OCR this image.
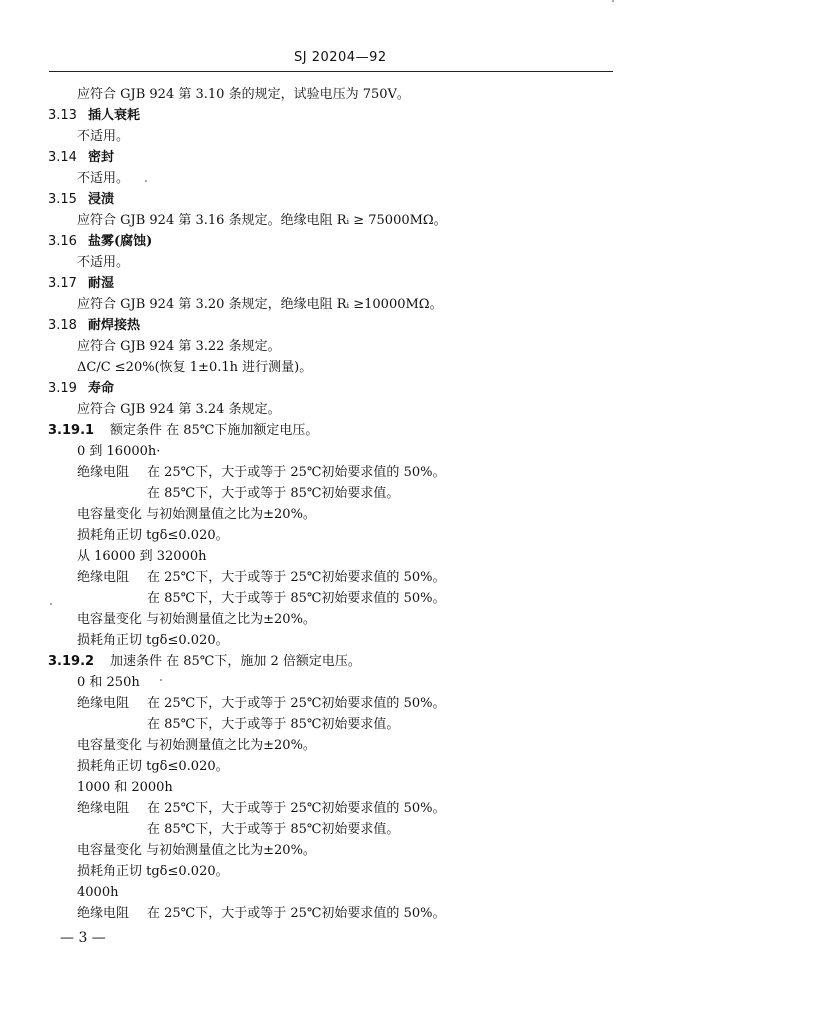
SJ 20204—92
应符合 GJB 924 第 3.10 条的规定，试验电压为 750V。
3.13 插人衰耗
不适用。
3.14 密封
不适用。
3.15 浸渍
应符合 GJB 924 第 3.16 条规定。绝缘电阻 Rᵢ ≥ 75000MΩ。
3.16 盐雾(腐蚀)
不适用。
3.17 耐湿
应符合 GJB 924 第 3.20 条规定，绝缘电阻 Rᵢ ≥10000MΩ。
3.18 耐焊接热
应符合 GJB 924 第 3.22 条规定。
ΔC/C ≤20%(恢复 1±0.1h 进行测量)。
3.19 寿命
应符合 GJB 924 第 3.24 条规定。
3.19.1 额定条件 在 85℃下施加额定电压。
0 到 16000h·
绝缘电阻 在 25℃下，大于或等于 25℃初始要求值的 50%。
在 85℃下，大于或等于 85℃初始要求值。
电容量变化 与初始测量值之比为±20%。
损耗角正切 tgδ≤0.020。
从 16000 到 32000h
绝缘电阻 在 25℃下，大于或等于 25℃初始要求值的 50%。
在 85℃下，大于或等于 85℃初始要求值的 50%。
电容量变化 与初始测量值之比为±20%。
损耗角正切 tgδ≤0.020。
3.19.2 加速条件 在 85℃下，施加 2 倍额定电压。
0 和 250h
绝缘电阻 在 25℃下，大于或等于 25℃初始要求值的 50%。
在 85℃下，大于或等于 85℃初始要求值。
电容量变化 与初始测量值之比为±20%。
损耗角正切 tgδ≤0.020。
1000 和 2000h
绝缘电阻 在 25℃下，大于或等于 25℃初始要求值的 50%。
在 85℃下，大于或等于 85℃初始要求值。
电容量变化 与初始测量值之比为±20%。
损耗角正切 tgδ≤0.020。
4000h
绝缘电阻 在 25℃下，大于或等于 25℃初始要求值的 50%。
— 3 —
